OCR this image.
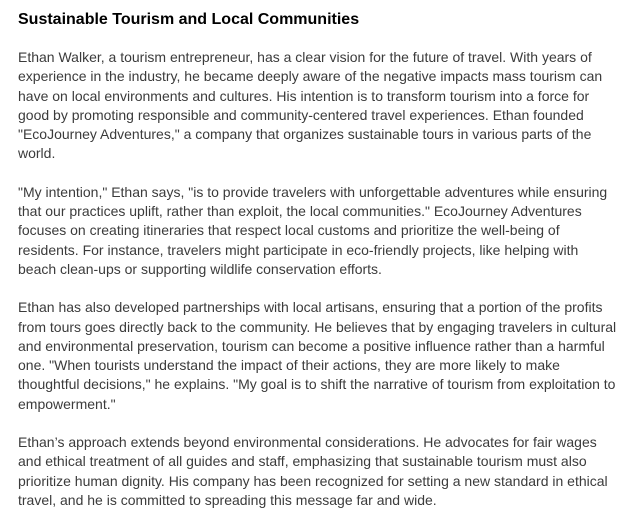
Sustainable Tourism and Local Communities

Ethan Walker, a tourism entrepreneur, has a clear vision for the future of travel. With years of experience in the industry, he became deeply aware of the negative impacts mass tourism can have on local environments and cultures. His intention is to transform tourism into a force for good by promoting responsible and community-centered travel experiences. Ethan founded "EcoJourney Adventures," a company that organizes sustainable tours in various parts of the world.

"My intention," Ethan says, "is to provide travelers with unforgettable adventures while ensuring that our practices uplift, rather than exploit, the local communities." EcoJourney Adventures focuses on creating itineraries that respect local customs and prioritize the well-being of residents. For instance, travelers might participate in eco-friendly projects, like helping with beach clean-ups or supporting wildlife conservation efforts.

Ethan has also developed partnerships with local artisans, ensuring that a portion of the profits from tours goes directly back to the community. He believes that by engaging travelers in cultural and environmental preservation, tourism can become a positive influence rather than a harmful one. "When tourists understand the impact of their actions, they are more likely to make thoughtful decisions," he explains. "My goal is to shift the narrative of tourism from exploitation to empowerment."

Ethan’s approach extends beyond environmental considerations. He advocates for fair wages and ethical treatment of all guides and staff, emphasizing that sustainable tourism must also prioritize human dignity. His company has been recognized for setting a new standard in ethical travel, and he is committed to spreading this message far and wide.
